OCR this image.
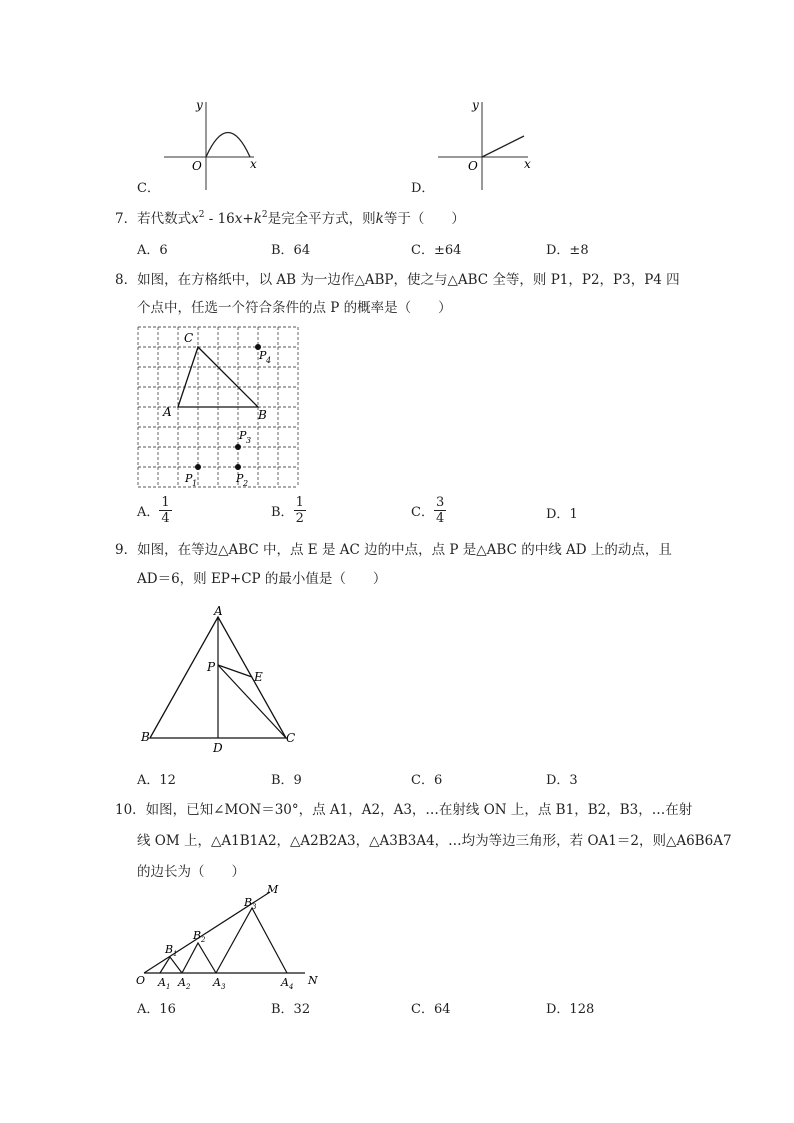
y
x
O
C．
y
x
O
D．
7．若代数式$x^2 - 16x+k^2$是完全平方式，则k等于（　　）
A．6	B．64	C．±64	D．±8
8．如图，在方格纸中，以 AB 为一边作△ABP，使之与△ABC 全等，则 P1，P2，P3，P4 四
个点中，任选一个符合条件的点 P 的概率是（　　）
C
A	B
P 4
P 3
P 1	P 2
A． $\frac{1}{4}$	B． $\frac{1}{2}$	C． $\frac{3}{4}$	D．1
9．如图，在等边△ABC 中，点 E 是 AC 边的中点，点 P 是△ABC 的中线 AD 上的动点，且
AD＝6，则 EP+CP 的最小值是（　　）
A
P
E
B
D
C
A．12	B．9	C．6	D．3
10．如图，已知∠MON＝30°，点 A1，A2，A3，…在射线 ON 上，点 B1，B2，B3，…在射
线 OM 上，△A1B1A2，△A2B2A3，△A3B3A4，…均为等边三角形，若 OA1＝2，则△A6B6A7
的边长为（　　）
O	N
M
A 1 A 2 A 3	A 4
B 1
B 2
B 3
A．16	B．32	C．64	D．128
